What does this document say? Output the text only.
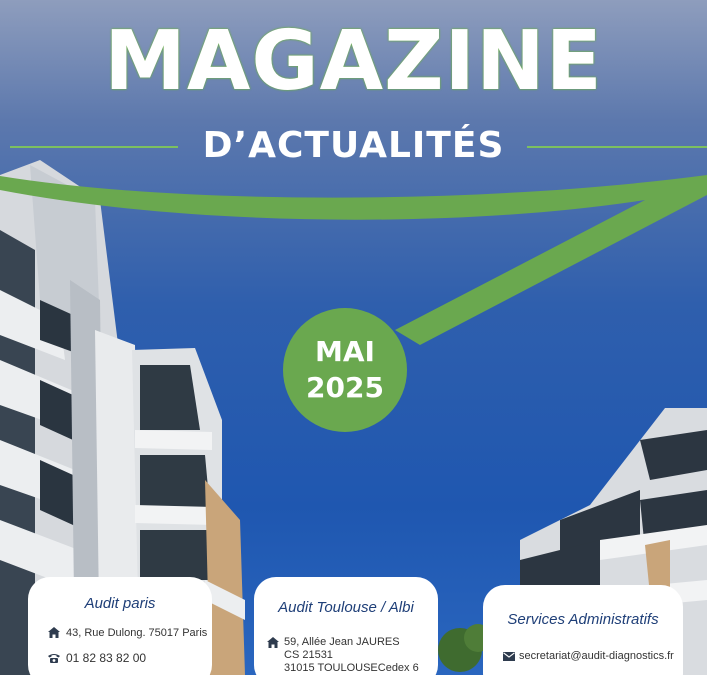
MAGAZINE
D’ACTUALITÉS
MAI
2025
Audit paris
43, Rue Dulong. 75017 Paris
01 82 83 82 00
Audit Toulouse / Albi
59, Allée Jean JAURES
CS 21531
31015 TOULOUSECedex 6
Services Administratifs
secretariat@audit-diagnostics.fr
